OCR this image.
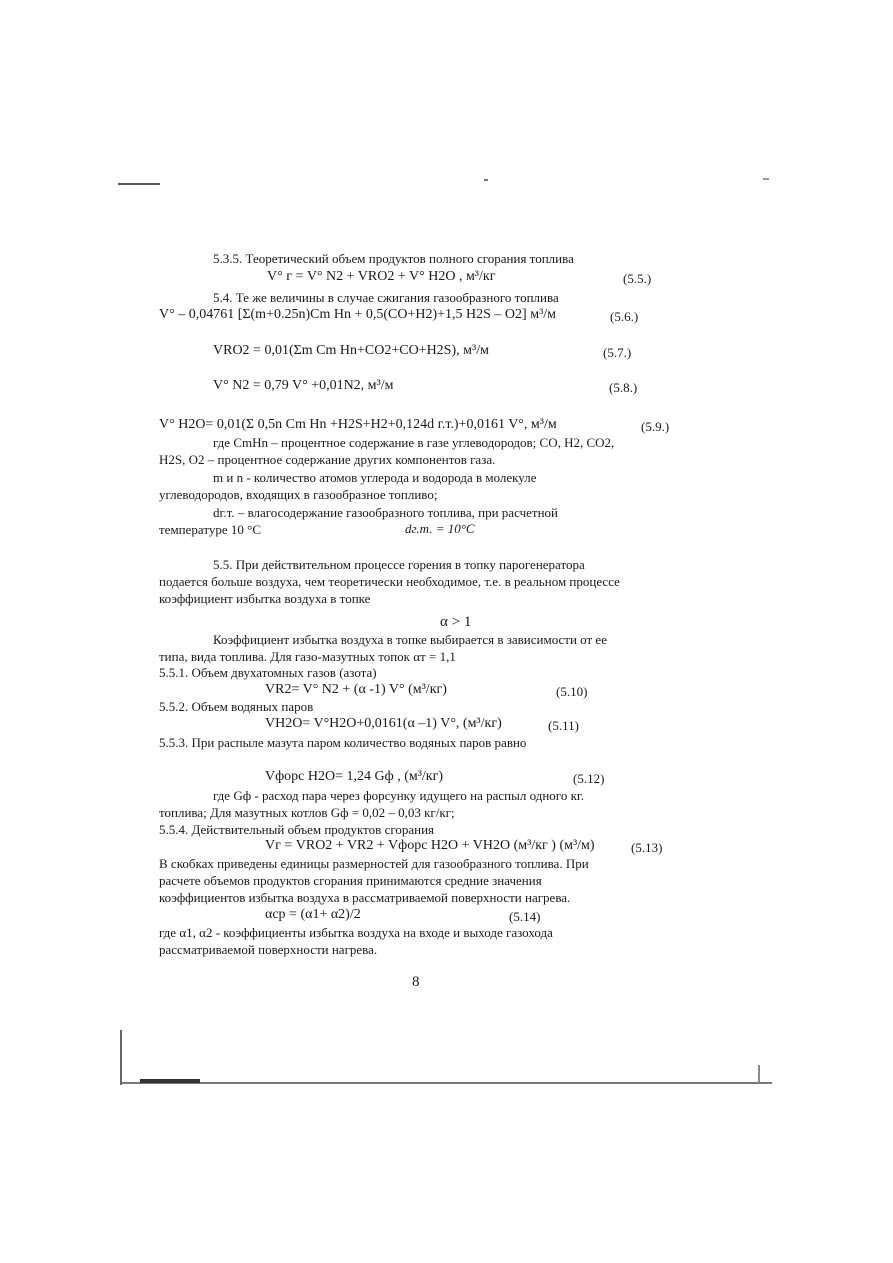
5.3.5. Теоретический объем продуктов полного сгорания топлива
V° г = V° N2 + VRO2 + V° H2O , м³/кг	(5.5.)
5.4. Те же величины в случае сжигания газообразного топлива
V° – 0,04761 [Σ(m+0.25n)Cm Hn + 0,5(CO+H2)+1,5 H2S – O2] м³/м	(5.6.)
VRO2 = 0,01(Σm Cm Hn+CO2+CO+H2S), м³/м	(5.7.)
V° N2 = 0,79 V° +0,01N2, м³/м	(5.8.)
V° H2O= 0,01(Σ 0,5n Cm Hn +H2S+H2+0,124d г.т.)+0,0161 V°, м³/м	(5.9.)
где CmHn – процентное содержание в газе углеводородов; CO, H2, CO2,
H2S, O2 – процентное содержание других компонентов газа.
m и n - количество атомов углерода и водорода в молекуле
углеводородов, входящих в газообразное топливо;
dг.т. – влагосодержание газообразного топлива, при расчетной
температуре 10 °С	dг.т. = 10°С
5.5. При действительном процессе горения в топку парогенератора
подается больше воздуха, чем теоретически необходимое, т.е. в реальном процессе
коэффициент избытка воздуха в топке
α > 1
Коэффициент избытка воздуха в топке выбирается в зависимости от ее
типа, вида топлива. Для газо-мазутных топок αт = 1,1
5.5.1. Объем двухатомных газов (азота)
VR2= V° N2 + (α -1) V° (м³/кг)	(5.10)
5.5.2. Объем водяных паров
VH2O= V°H2O+0,0161(α –1) V°, (м³/кг)	(5.11)
5.5.3. При распыле мазута паром количество водяных паров равно
Vфорс H2O= 1,24 Gф , (м³/кг)	(5.12)
где Gф - расход пара через форсунку идущего на распыл одного кг.
топлива; Для мазутных котлов Gф = 0,02 – 0,03 кг/кг;
5.5.4. Действительный объем продуктов сгорания
Vг = VRO2 + VR2 + Vфорс H2O + VH2O (м³/кг ) (м³/м)	(5.13)
В скобках приведены единицы размерностей для газообразного топлива. При
расчете объемов продуктов сгорания принимаются средние значения
коэффициентов избытка воздуха в рассматриваемой поверхности нагрева.
αср = (α1+ α2)/2	(5.14)
где α1, α2 - коэффициенты избытка воздуха на входе и выходе газохода
рассматриваемой поверхности нагрева.
8
